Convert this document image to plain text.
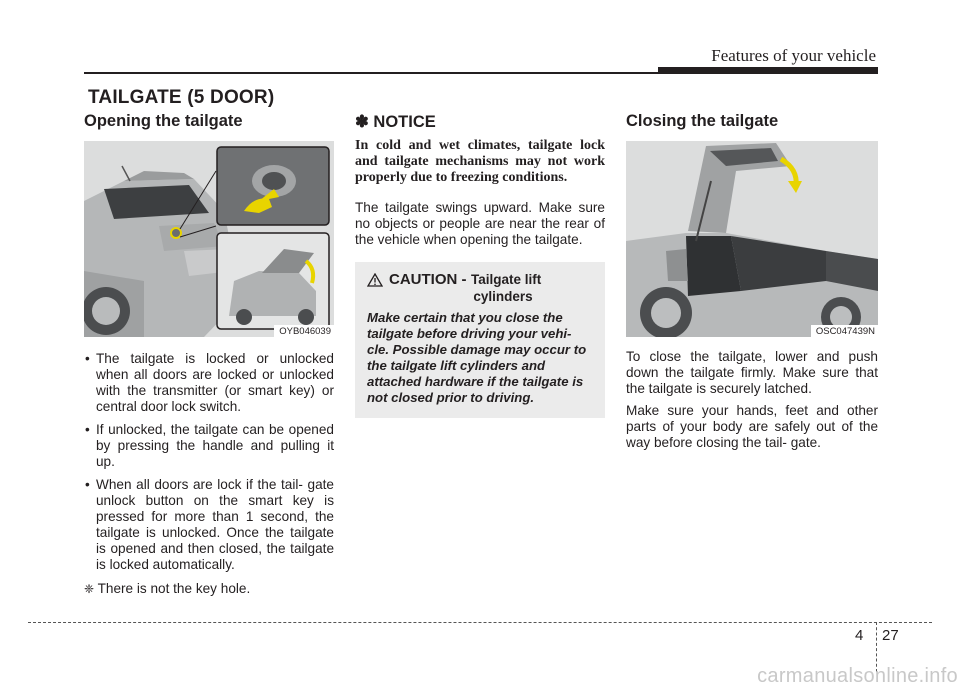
Features of your vehicle
TAILGATE (5 DOOR)
Opening the tailgate
OYB046039
• The tailgate is locked or unlocked when all doors are locked or unlocked with the transmitter (or smart key) or central door lock switch.
• If unlocked, the tailgate can be opened by pressing the handle and pulling it up.
• When all doors are lock if the tail- gate unlock button on the smart key is pressed for more than 1 second, the tailgate is unlocked. Once the tailgate is opened and then closed, the tailgate is locked automatically.
❈ There is not the key hole.
✽ NOTICE
In cold and wet climates, tailgate lock and tailgate mechanisms may not work properly due to freezing conditions.
The tailgate swings upward. Make sure no objects or people are near the rear of the vehicle when opening the tailgate.
CAUTION - Tailgate lift
cylinders
Make certain that you close the tailgate before driving your vehi- cle. Possible damage may occur to the tailgate lift cylinders and attached hardware if the tailgate is not closed prior to driving.
Closing the tailgate
OSC047439N
To close the tailgate, lower and push down the tailgate firmly. Make sure that the tailgate is securely latched.
Make sure your hands, feet and other parts of your body are safely out of the way before closing the tail- gate.
4 27
carmanualsonline.info
